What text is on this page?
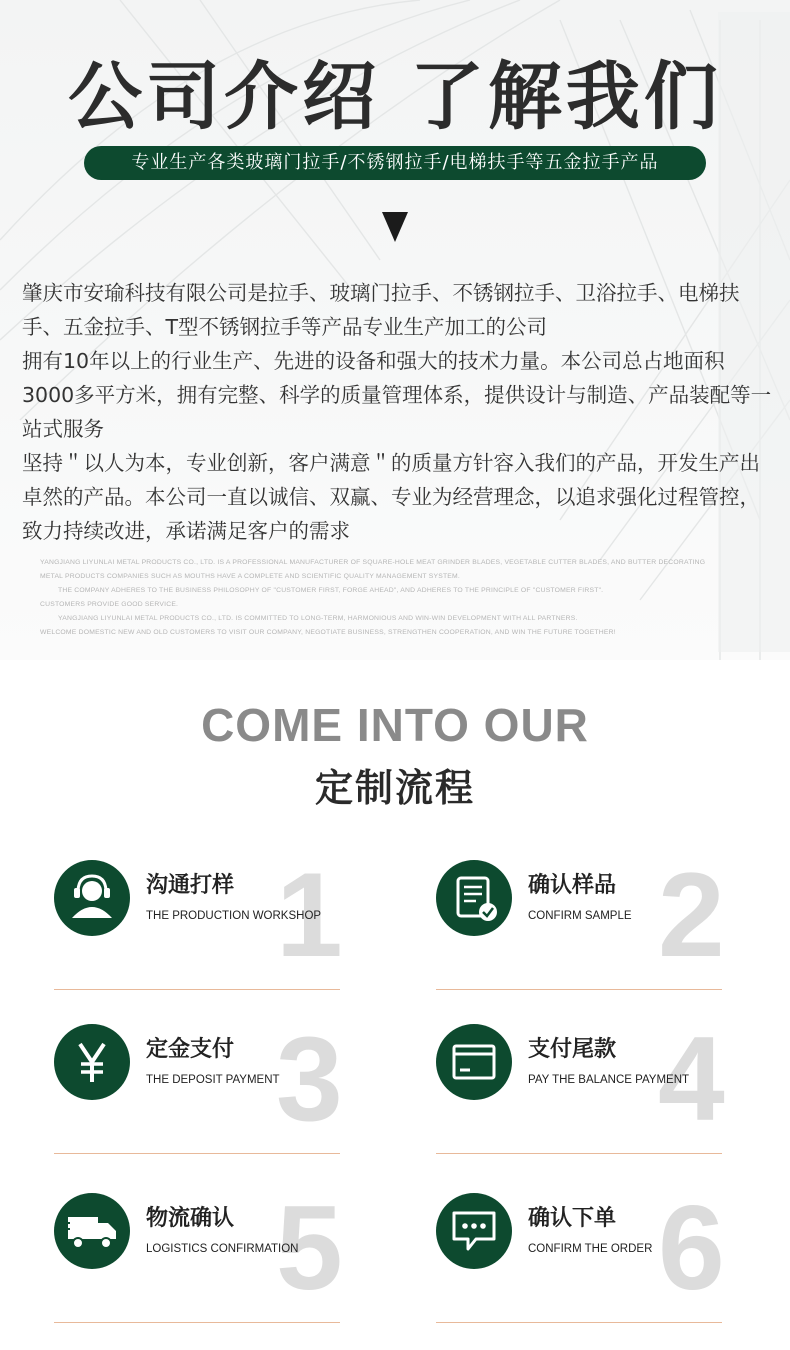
公司介绍 了解我们
专业生产各类玻璃门拉手/不锈钢拉手/电梯扶手等五金拉手产品

肇庆市安瑜科技有限公司是拉手、玻璃门拉手、不锈钢拉手、卫浴拉手、电梯扶手、五金拉手、T型不锈钢拉手等产品专业生产加工的公司

拥有10年以上的行业生产、先进的设备和强大的技术力量。本公司总占地面积3000多平方米，拥有完整、科学的质量管理体系，提供设计与制造、产品装配等一站式服务

坚持＂以人为本，专业创新，客户满意＂的质量方针容入我们的产品，开发生产出卓然的产品。本公司一直以诚信、双赢、专业为经营理念，以追求强化过程管控，致力持续改进，承诺满足客户的需求

YANGJIANG LIYUNLAI METAL PRODUCTS CO., LTD. IS A PROFESSIONAL MANUFACTURER OF SQUARE-HOLE MEAT GRINDER BLADES, VEGETABLE CUTTER BLADES, AND BUTTER DECORATING

METAL PRODUCTS COMPANIES SUCH AS MOUTHS HAVE A COMPLETE AND SCIENTIFIC QUALITY MANAGEMENT SYSTEM.

THE COMPANY ADHERES TO THE BUSINESS PHILOSOPHY OF "CUSTOMER FIRST, FORGE AHEAD", AND ADHERES TO THE PRINCIPLE OF "CUSTOMER FIRST".

CUSTOMERS PROVIDE GOOD SERVICE.

YANGJIANG LIYUNLAI METAL PRODUCTS CO., LTD. IS COMMITTED TO LONG-TERM, HARMONIOUS AND WIN-WIN DEVELOPMENT WITH ALL PARTNERS.

WELCOME DOMESTIC NEW AND OLD CUSTOMERS TO VISIT OUR COMPANY, NEGOTIATE BUSINESS, STRENGTHEN COOPERATION, AND WIN THE FUTURE TOGETHER!

COME INTO OUR
定制流程
1
沟通打样
THE PRODUCTION WORKSHOP	2
确认样品
CONFIRM SAMPLE
3
定金支付
THE DEPOSIT PAYMENT	4
支付尾款
PAY THE BALANCE PAYMENT
5
物流确认
LOGISTICS CONFIRMATION	6
确认下单
CONFIRM THE ORDER
